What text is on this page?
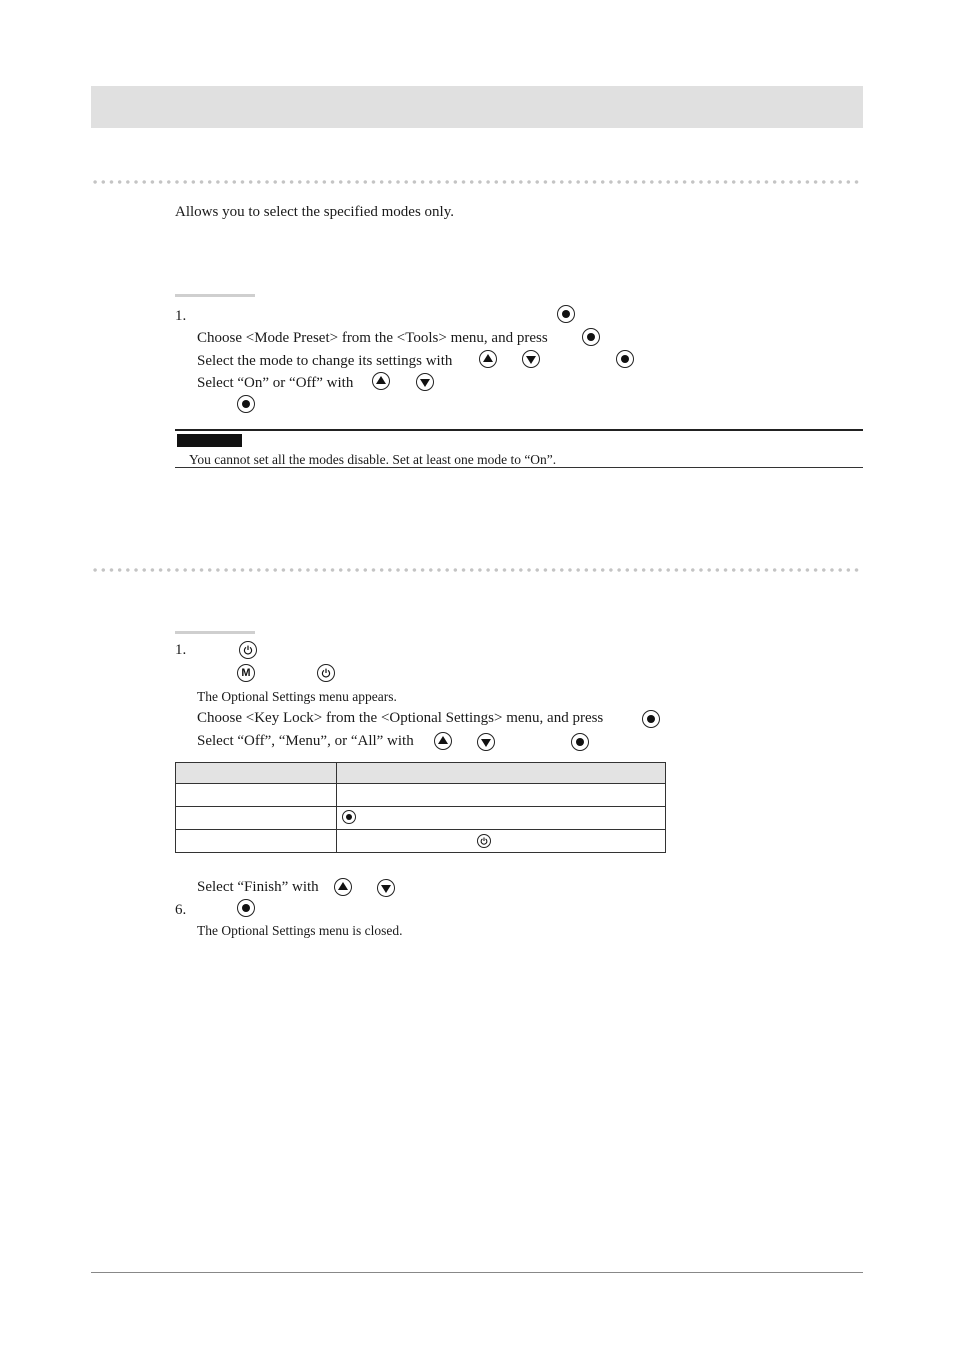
Allows you to select the specified modes only.
1.
Choose <Mode Preset> from the <Tools> menu, and press
Select the mode to change its settings with
Select “On” or “Off” with
You cannot set all the modes disable. Set at least one mode to “On”.
1.
M
The Optional Settings menu appears.
Choose <Key Lock> from the <Optional Settings> menu, and press
Select “Off”, “Menu”, or “All” with

Select “Finish” with
6.
The Optional Settings menu is closed.
